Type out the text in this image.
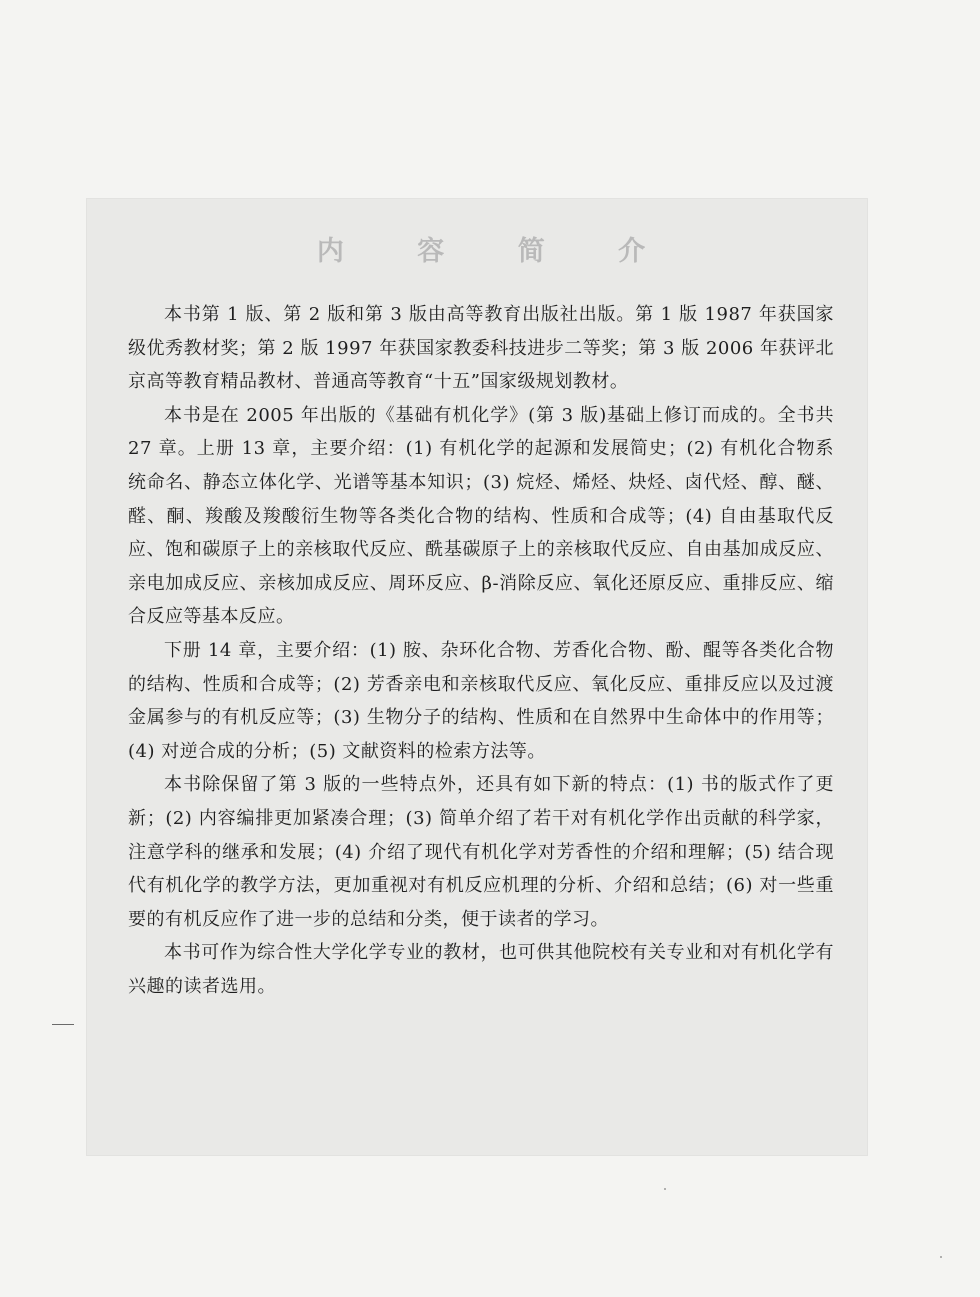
内 容 简 介

本书第 1 版、第 2 版和第 3 版由高等教育出版社出版。第 1 版 1987 年获国家级优秀教材奖；第 2 版 1997 年获国家教委科技进步二等奖；第 3 版 2006 年获评北京高等教育精品教材、普通高等教育“十五”国家级规划教材。

本书是在 2005 年出版的《基础有机化学》(第 3 版)基础上修订而成的。全书共 27 章。上册 13 章，主要介绍：(1) 有机化学的起源和发展简史；(2) 有机化合物系统命名、静态立体化学、光谱等基本知识；(3) 烷烃、烯烃、炔烃、卤代烃、醇、醚、醛、酮、羧酸及羧酸衍生物等各类化合物的结构、性质和合成等；(4) 自由基取代反应、饱和碳原子上的亲核取代反应、酰基碳原子上的亲核取代反应、自由基加成反应、亲电加成反应、亲核加成反应、周环反应、β-消除反应、氧化还原反应、重排反应、缩合反应等基本反应。

下册 14 章，主要介绍：(1) 胺、杂环化合物、芳香化合物、酚、醌等各类化合物的结构、性质和合成等；(2) 芳香亲电和亲核取代反应、氧化反应、重排反应以及过渡金属参与的有机反应等；(3) 生物分子的结构、性质和在自然界中生命体中的作用等；(4) 对逆合成的分析；(5) 文献资料的检索方法等。

本书除保留了第 3 版的一些特点外，还具有如下新的特点：(1) 书的版式作了更新；(2) 内容编排更加紧凑合理；(3) 简单介绍了若干对有机化学作出贡献的科学家，注意学科的继承和发展；(4) 介绍了现代有机化学对芳香性的介绍和理解；(5) 结合现代有机化学的教学方法，更加重视对有机反应机理的分析、介绍和总结；(6) 对一些重要的有机反应作了进一步的总结和分类，便于读者的学习。

本书可作为综合性大学化学专业的教材，也可供其他院校有关专业和对有机化学有兴趣的读者选用。
